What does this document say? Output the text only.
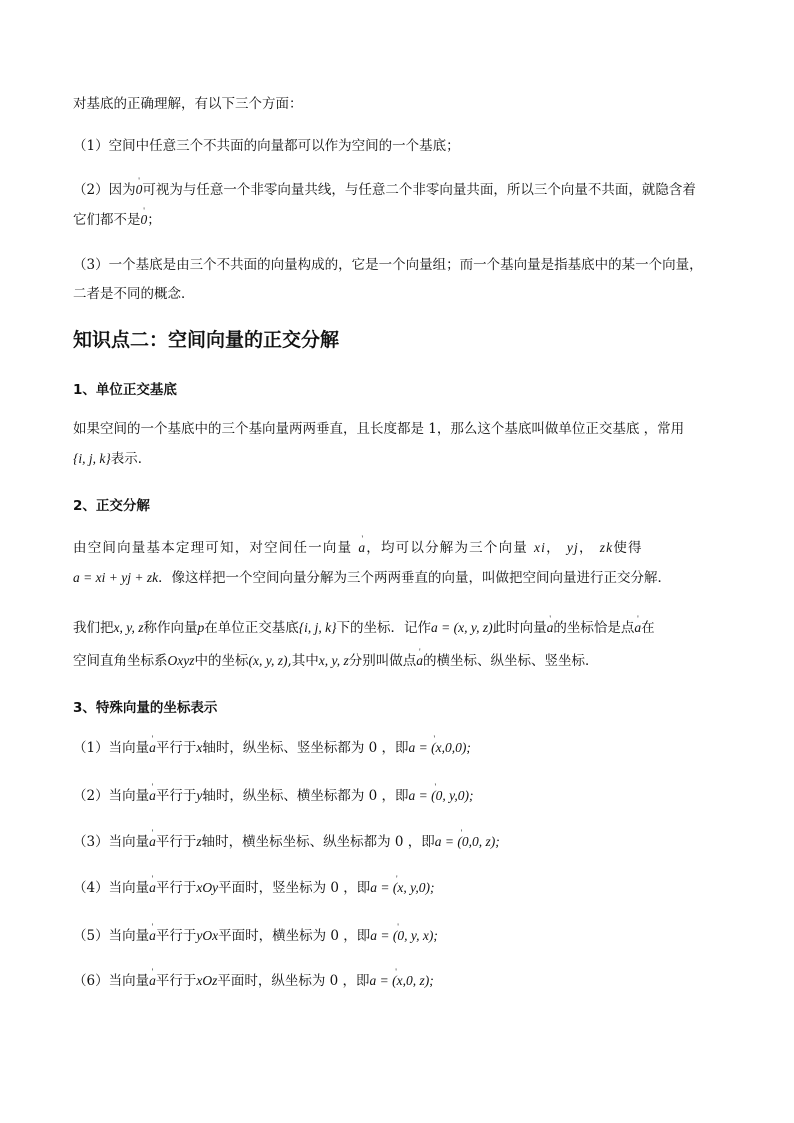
对基底的正确理解，有以下三个方面：
（1）空间中任意三个不共面的向量都可以作为空间的一个基底；
（2）因为' 0可视为与任意一个非零向量共线，与任意二个非零向量共面，所以三个向量不共面，就隐含着
它们都不是' 0；
（3）一个基底是由三个不共面的向量构成的，它是一个向量组；而一个基向量是指基底中的某一个向量，
二者是不同的概念．
知识点二：空间向量的正交分解
1、单位正交基底
如果空间的一个基底中的三个基向量两两垂直，且长度都是 1，那么这个基底叫做单位正交基底 ，常用
{i, j, k}表示．
2、正交分解
由空间向量基本定理可知，对空间任一向量' a，均可以分解为三个向量 xi， yj， zk使得
a = xi + yj + zk．像这样把一个空间向量分解为三个两两垂直的向量，叫做把空间向量进行正交分解．
我们把x, y, z称作向量p在单位正交基底{i, j, k}下的坐标．记作a = (x, y, z)此时向量' a的坐标恰是点' a在
空间直角坐标系Oxyz中的坐标(x, y, z),其中x, y, z分别叫做点' a的横坐标、纵坐标、竖坐标．
3、特殊向量的坐标表示
（1）当向量' a平行于x轴时，纵坐标、竖坐标都为 0 ，即' a = (x,0,0);
（2）当向量' a平行于y轴时，纵坐标、横坐标都为 0 ，即' a = (0, y,0);
（3）当向量' a平行于z轴时，横坐标坐标、纵坐标都为 0 ，即' a = (0,0, z);
（4）当向量' a平行于xOy平面时，竖坐标为 0 ，即' a = (x, y,0);
（5）当向量' a平行于yOx平面时，横坐标为 0 ，即' a = (0, y, x);
（6）当向量' a平行于xOz平面时，纵坐标为 0 ，即' a = (x,0, z);
